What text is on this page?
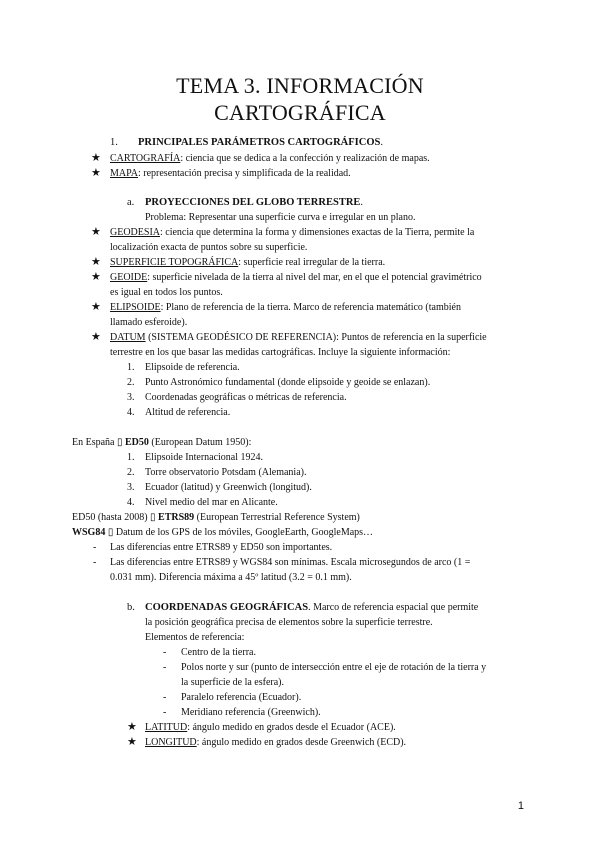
TEMA 3. INFORMACIÓN
CARTOGRÁFICA
1. PRINCIPALES PARÁMETROS CARTOGRÁFICOS.
★ CARTOGRAFÍA: ciencia que se dedica a la confección y realización de mapas.
★ MAPA: representación precisa y simplificada de la realidad.
a. PROYECCIONES DEL GLOBO TERRESTRE.
Problema: Representar una superficie curva e irregular en un plano.
★ GEODESIA: ciencia que determina la forma y dimensiones exactas de la Tierra, permite la
localización exacta de puntos sobre su superficie.
★ SUPERFICIE TOPOGRÁFICA: superficie real irregular de la tierra.
★ GEOIDE: superficie nivelada de la tierra al nivel del mar, en el que el potencial gravimétrico
es igual en todos los puntos.
★ ELIPSOIDE: Plano de referencia de la tierra. Marco de referencia matemático (también
llamado esferoide).
★ DATUM (SISTEMA GEODÉSICO DE REFERENCIA): Puntos de referencia en la superficie
terrestre en los que basar las medidas cartográficas. Incluye la siguiente información:
1. Elipsoide de referencia.
2. Punto Astronómico fundamental (donde elipsoide y geoide se enlazan).
3. Coordenadas geográficas o métricas de referencia.
4. Altitud de referencia.
En España ▯ ED50 (European Datum 1950):
1. Elipsoide Internacional 1924.
2. Torre observatorio Potsdam (Alemania).
3. Ecuador (latitud) y Greenwich (longitud).
4. Nivel medio del mar en Alicante.
ED50 (hasta 2008) ▯ ETRS89 (European Terrestrial Reference System)
WSG84 ▯ Datum de los GPS de los móviles, GoogleEarth, GoogleMaps…
- Las diferencias entre ETRS89 y ED50 son importantes.
- Las diferencias entre ETRS89 y WGS84 son mínimas. Escala microsegundos de arco (1 =
0.031 mm). Diferencia máxima a 45º latitud (3.2 = 0.1 mm).
b. COORDENADAS GEOGRÁFICAS. Marco de referencia espacial que permite
la posición geográfica precisa de elementos sobre la superficie terrestre.
Elementos de referencia:
- Centro de la tierra.
- Polos norte y sur (punto de intersección entre el eje de rotación de la tierra y
la superficie de la esfera).
- Paralelo referencia (Ecuador).
- Meridiano referencia (Greenwich).
★ LATITUD: ángulo medido en grados desde el Ecuador (ACE).
★ LONGITUD: ángulo medido en grados desde Greenwich (ECD).
1
